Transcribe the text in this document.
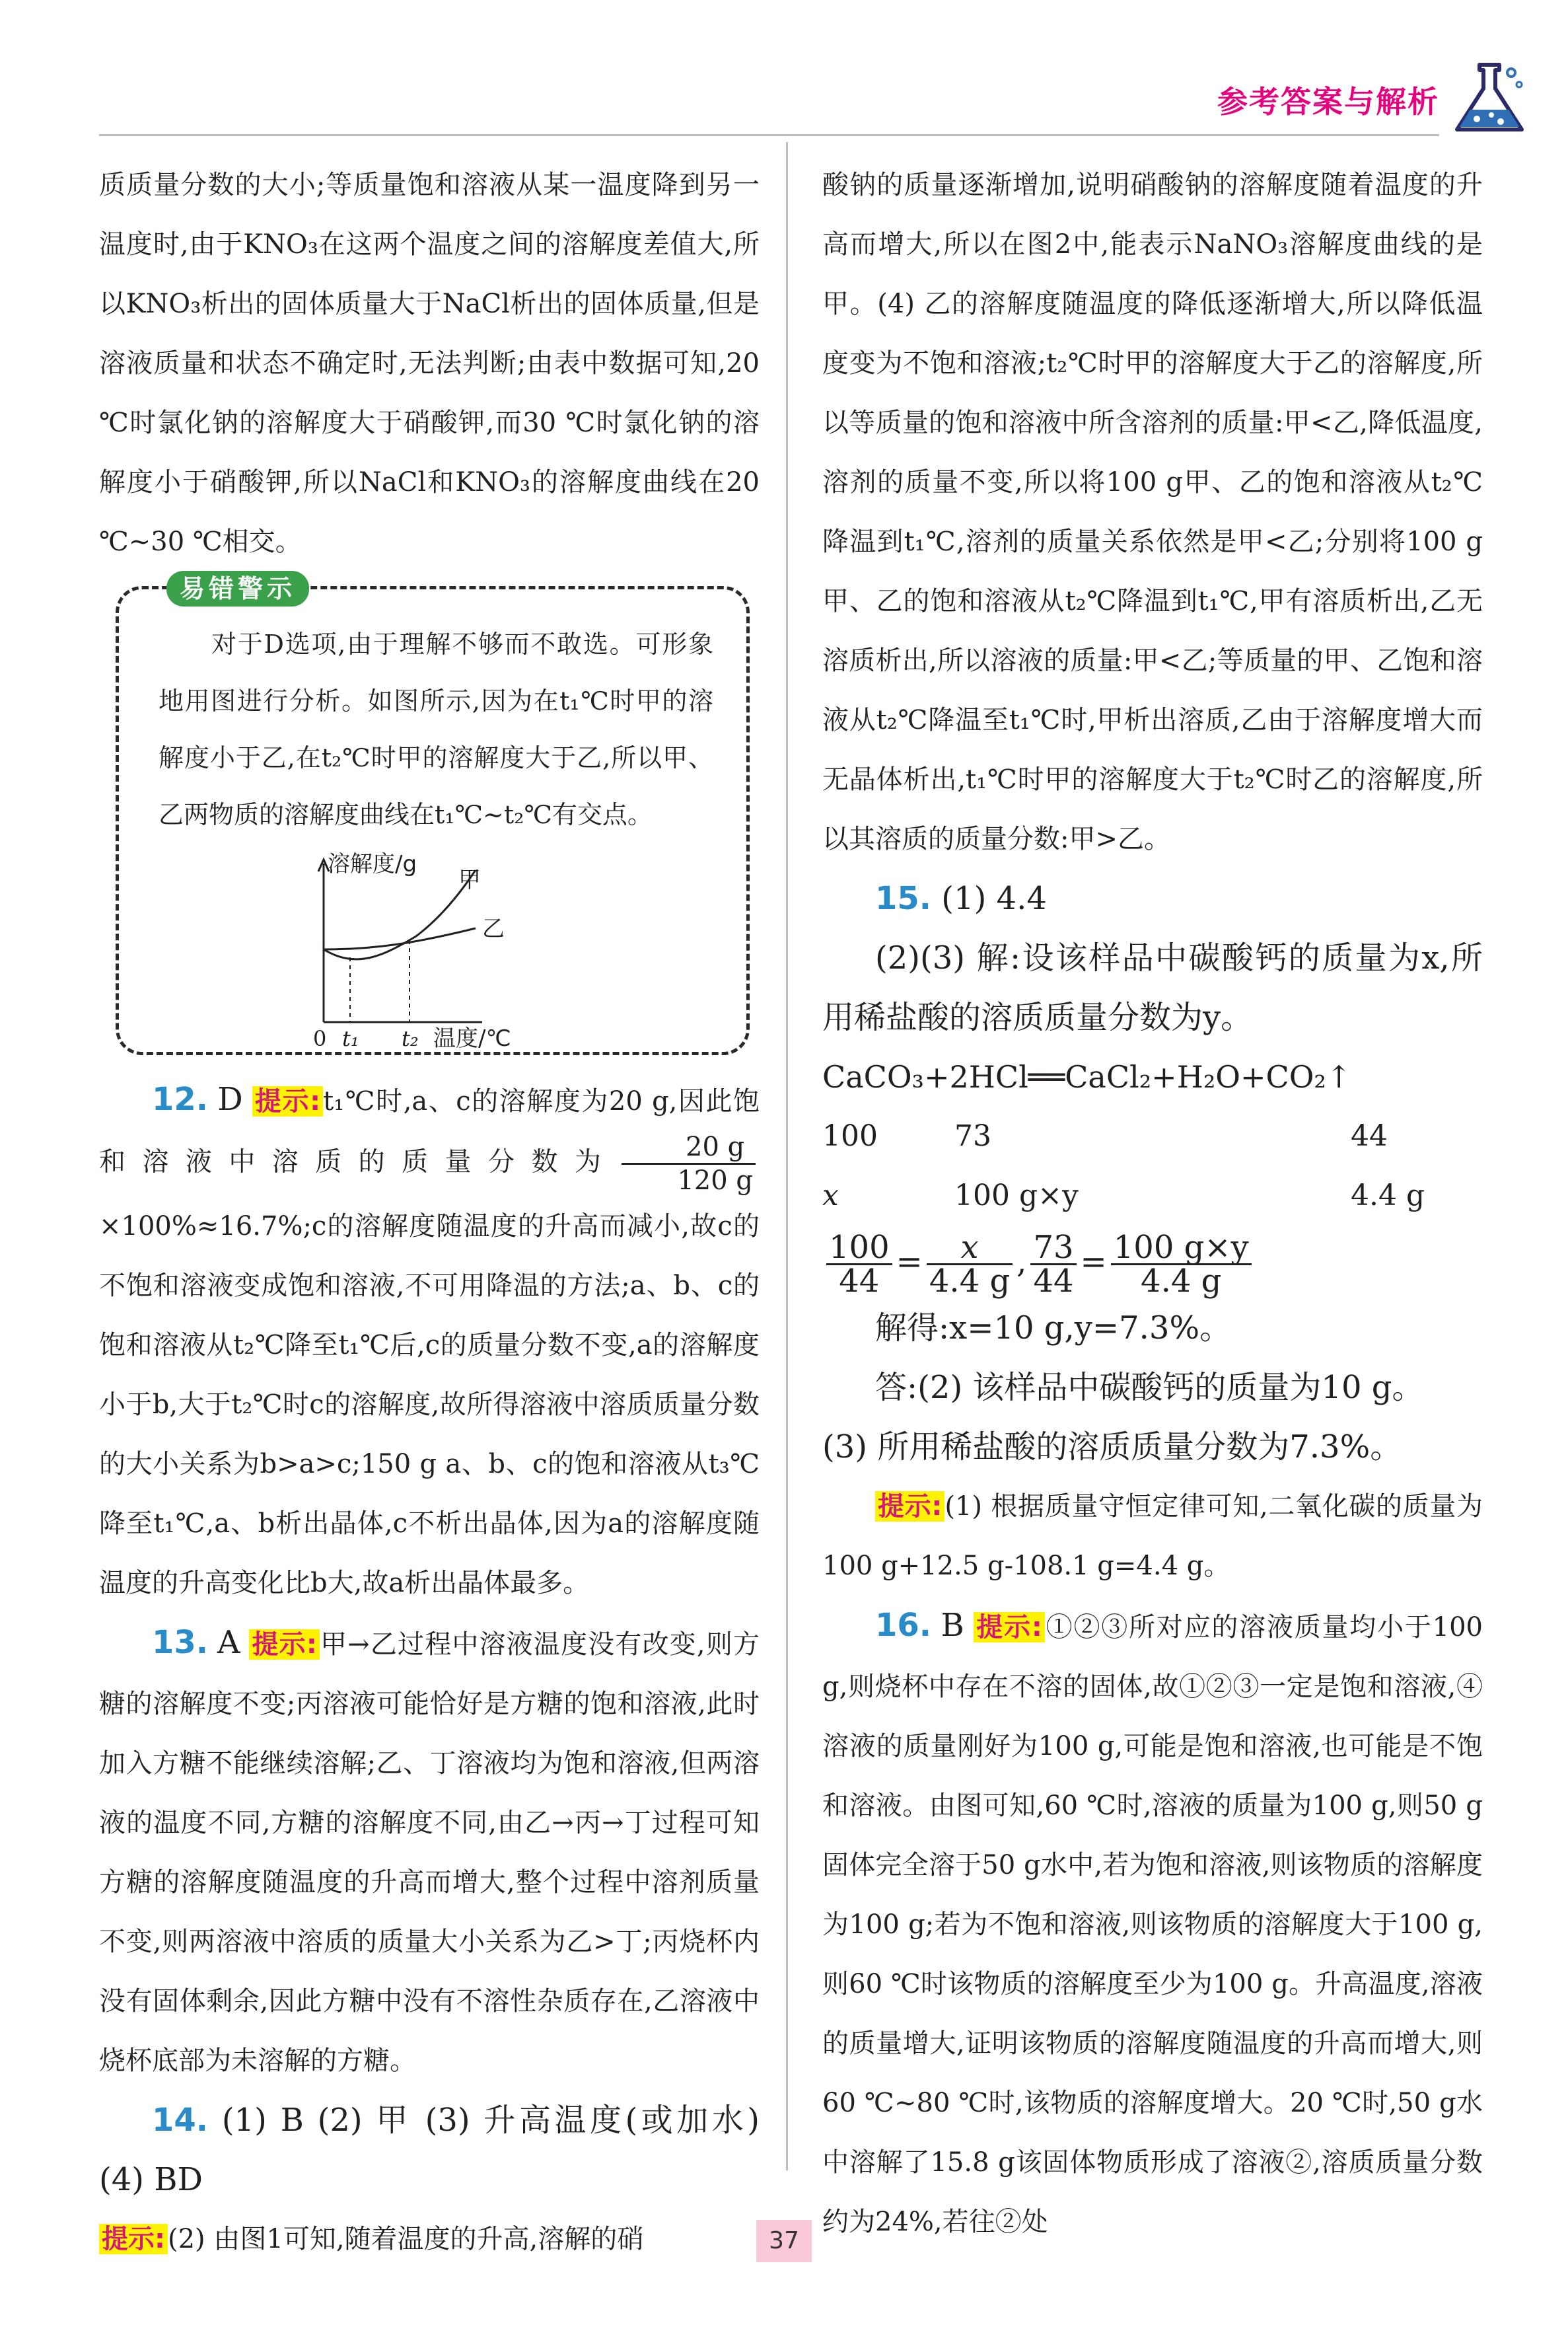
参考答案与解析

质质量分数的大小;等质量饱和溶液从某一温度降到另一温度时,由于KNO₃在这两个温度之间的溶解度差值大,所以KNO₃析出的固体质量大于NaCl析出的固体质量,但是溶液质量和状态不确定时,无法判断;由表中数据可知,20 ℃时氯化钠的溶解度大于硝酸钾,而30 ℃时氯化钠的溶解度小于硝酸钾,所以NaCl和KNO₃的溶解度曲线在20 ℃~30 ℃相交。

易错警示
对于D选项,由于理解不够而不敢选。可形象地用图进行分析。如图所示,因为在t₁℃时甲的溶解度小于乙,在t₂℃时甲的溶解度大于乙,所以甲、乙两物质的溶解度曲线在t₁℃~t₂℃有交点。
溶解度/g
甲
乙
0 t₁ t₂ 温度/℃

12. D 提示: t₁℃时,a、c的溶解度为20 g,因此饱和溶液中溶质的质量分数为 $\frac{20 g}{120 g}$
×100%≈16.7%;c的溶解度随温度的升高而减小,故c的不饱和溶液变成饱和溶液,不可用降温的方法;a、b、c的饱和溶液从t₂℃降至t₁℃后,c的质量分数不变,a的溶解度小于b,大于t₂℃时c的溶解度,故所得溶液中溶质质量分数的大小关系为b>a>c;150 g a、b、c的饱和溶液从t₃℃降至t₁℃,a、b析出晶体,c不析出晶体,因为a的溶解度随温度的升高变化比b大,故a析出晶体最多。

13. A 提示: 甲→乙过程中溶液温度没有改变,则方糖的溶解度不变;丙溶液可能恰好是方糖的饱和溶液,此时加入方糖不能继续溶解;乙、丁溶液均为饱和溶液,但两溶液的温度不同,方糖的溶解度不同,由乙→丙→丁过程可知方糖的溶解度随温度的升高而增大,整个过程中溶剂质量不变,则两溶液中溶质的质量大小关系为乙>丁;丙烧杯内没有固体剩余,因此方糖中没有不溶性杂质存在,乙溶液中烧杯底部为未溶解的方糖。

14. (1) B (2) 甲 (3) 升高温度(或加水) (4) BD

提示: (2) 由图1可知,随着温度的升高,溶解的硝

酸钠的质量逐渐增加,说明硝酸钠的溶解度随着温度的升高而增大,所以在图2中,能表示NaNO₃溶解度曲线的是甲。(4) 乙的溶解度随温度的降低逐渐增大,所以降低温度变为不饱和溶液;t₂℃时甲的溶解度大于乙的溶解度,所以等质量的饱和溶液中所含溶剂的质量:甲<乙,降低温度,溶剂的质量不变,所以将100 g甲、乙的饱和溶液从t₂℃降温到t₁℃,溶剂的质量关系依然是甲<乙;分别将100 g甲、乙的饱和溶液从t₂℃降温到t₁℃,甲有溶质析出,乙无溶质析出,所以溶液的质量:甲<乙;等质量的甲、乙饱和溶液从t₂℃降温至t₁℃时,甲析出溶质,乙由于溶解度增大而无晶体析出,t₁℃时甲的溶解度大于t₂℃时乙的溶解度,所以其溶质的质量分数:甲>乙。

15. (1) 4.4

(2)(3) 解:设该样品中碳酸钙的质量为x,所用稀盐酸的溶质质量分数为y。

CaCO₃+2HCl══CaCl₂+H₂O+CO₂↑

100	73	44
x	100 g×y	4.4 g

$\frac{100}{44} = \frac{x}{4.4 g}$ , $\frac{73}{44} = \frac{100 g\times y}{4.4 g}$

解得:x=10 g,y=7.3%。

答:(2) 该样品中碳酸钙的质量为10 g。

(3) 所用稀盐酸的溶质质量分数为7.3%。

提示: (1) 根据质量守恒定律可知,二氧化碳的质量为100 g+12.5 g-108.1 g=4.4 g。

16. B 提示: ①②③所对应的溶液质量均小于100 g,则烧杯中存在不溶的固体,故①②③一定是饱和溶液,④溶液的质量刚好为100 g,可能是饱和溶液,也可能是不饱和溶液。由图可知,60 ℃时,溶液的质量为100 g,则50 g固体完全溶于50 g水中,若为饱和溶液,则该物质的溶解度为100 g;若为不饱和溶液,则该物质的溶解度大于100 g,则60 ℃时该物质的溶解度至少为100 g。升高温度,溶液的质量增大,证明该物质的溶解度随温度的升高而增大,则60 ℃~80 ℃时,该物质的溶解度增大。20 ℃时,50 g水中溶解了15.8 g该固体物质形成了溶液②,溶质质量分数约为24%,若往②处

37
